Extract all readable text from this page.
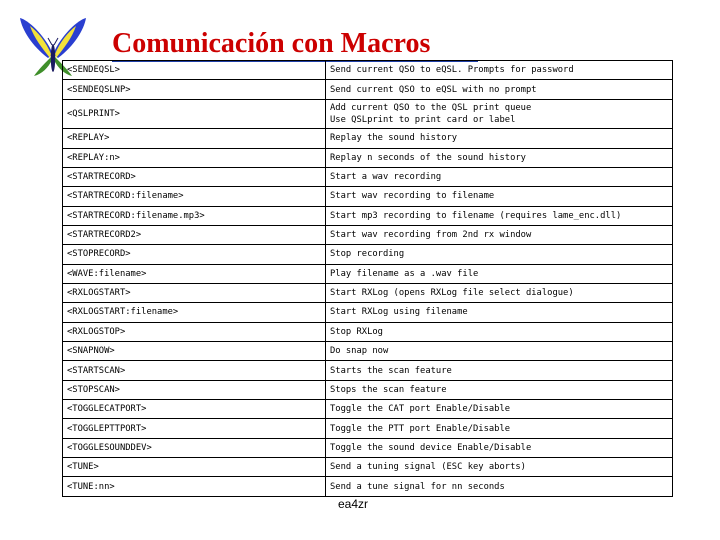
Comunicación con Macros
<SENDEQSL>	Send current QSO to eQSL. Prompts for password
<SENDEQSLNP>	Send current QSO to eQSL with no prompt
<QSLPRINT>	Add current QSO to the QSL print queue
Use QSLprint to print card or label
<REPLAY>	Replay the sound history
<REPLAY:n>	Replay n seconds of the sound history
<STARTRECORD>	Start a wav recording
<STARTRECORD:filename>	Start wav recording to filename
<STARTRECORD:filename.mp3>	Start mp3 recording to filename (requires lame_enc.dll)
<STARTRECORD2>	Start wav recording from 2nd rx window
<STOPRECORD>	Stop recording
<WAVE:filename>	Play filename as a .wav file
<RXLOGSTART>	Start RXLog (opens RXLog file select dialogue)
<RXLOGSTART:filename>	Start RXLog using filename
<RXLOGSTOP>	Stop RXLog
<SNAPNOW>	Do snap now
<STARTSCAN>	Starts the scan feature
<STOPSCAN>	Stops the scan feature
<TOGGLECATPORT>	Toggle the CAT port Enable/Disable
<TOGGLEPTTPORT>	Toggle the PTT port Enable/Disable
<TOGGLESOUNDDEV>	Toggle the sound device Enable/Disable
<TUNE>	Send a tuning signal (ESC key aborts)
<TUNE:nn>	Send a tune signal for nn seconds
ea4zr
